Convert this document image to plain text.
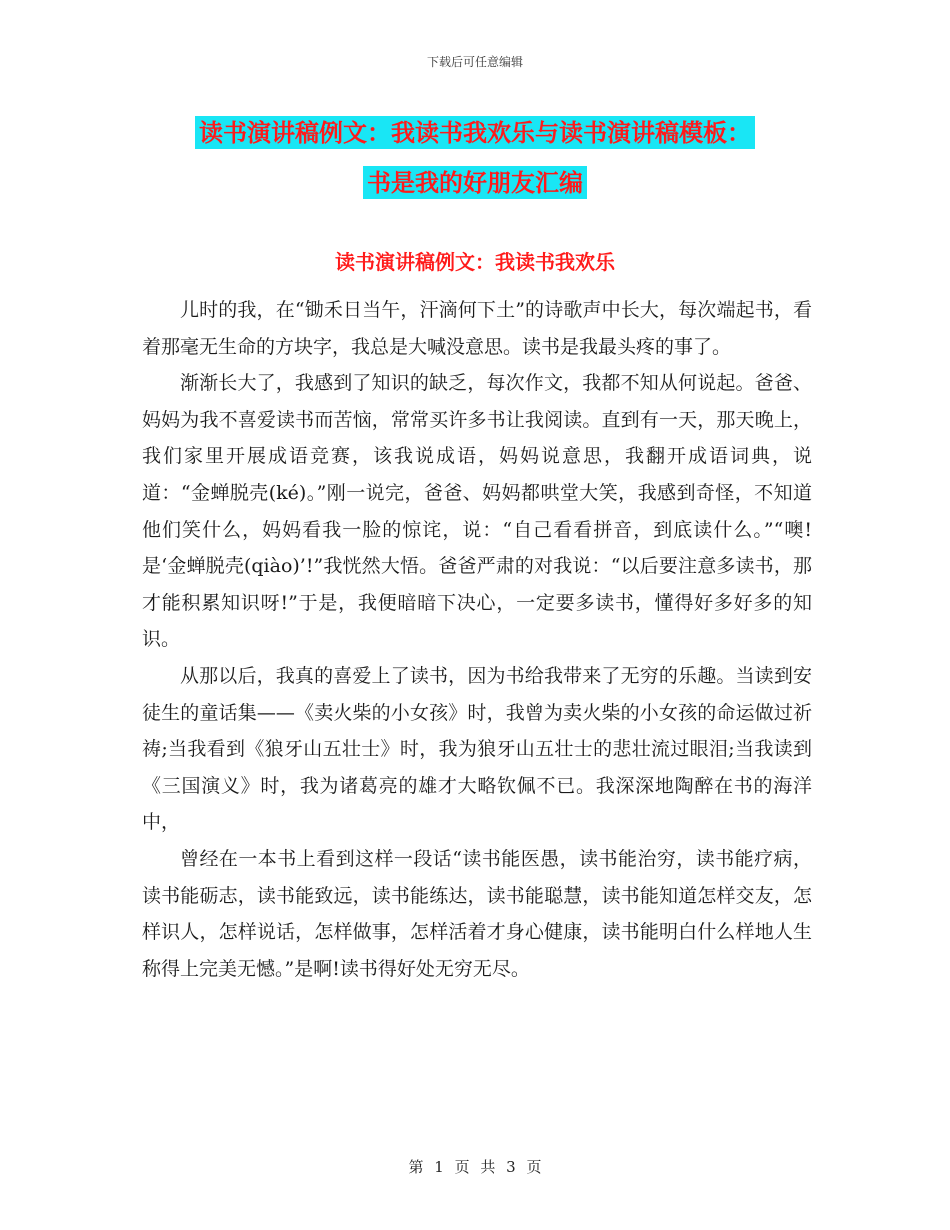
下载后可任意编辑
读书演讲稿例文：我读书我欢乐与读书演讲稿模板：
书是我的好朋友汇编
读书演讲稿例文：我读书我欢乐

儿时的我，在“锄禾日当午，汗滴何下土”的诗歌声中长大，每次端起书，看着那毫无生命的方块字，我总是大喊没意思。读书是我最头疼的事了。

渐渐长大了，我感到了知识的缺乏，每次作文，我都不知从何说起。爸爸、妈妈为我不喜爱读书而苦恼，常常买许多书让我阅读。直到有一天，那天晚上，我们家里开展成语竞赛，该我说成语，妈妈说意思，我翻开成语词典，说道：“金蝉脱壳(ké)。”刚一说完，爸爸、妈妈都哄堂大笑，我感到奇怪，不知道他们笑什么，妈妈看我一脸的惊诧，说：“自己看看拼音，到底读什么。”“噢!是‘金蝉脱壳(qiào)’!”我恍然大悟。爸爸严肃的对我说：“以后要注意多读书，那才能积累知识呀!”于是，我便暗暗下决心，一定要多读书，懂得好多好多的知识。

从那以后，我真的喜爱上了读书，因为书给我带来了无穷的乐趣。当读到安徒生的童话集——《卖火柴的小女孩》时，我曾为卖火柴的小女孩的命运做过祈祷;当我看到《狼牙山五壮士》时，我为狼牙山五壮士的悲壮流过眼泪;当我读到《三国演义》时，我为诸葛亮的雄才大略钦佩不已。我深深地陶醉在书的海洋中，

曾经在一本书上看到这样一段话“读书能医愚，读书能治穷，读书能疗病，读书能砺志，读书能致远，读书能练达，读书能聪慧，读书能知道怎样交友，怎样识人，怎样说话，怎样做事，怎样活着才身心健康，读书能明白什么样地人生称得上完美无憾。”是啊!读书得好处无穷无尽。

第 1 页 共 3 页
